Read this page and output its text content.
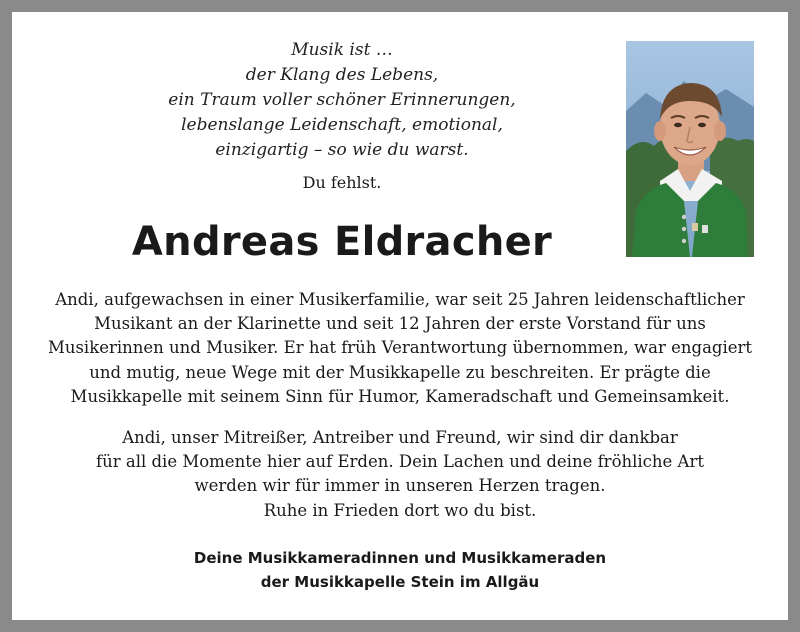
Musik ist …
der Klang des Lebens,
ein Traum voller schöner Erinnerungen,
lebenslange Leidenschaft, emotional,
einzigartig – so wie du warst.
Du fehlst.
Andreas Eldracher
Andi, aufgewachsen in einer Musikerfamilie, war seit 25 Jahren leidenschaftlicher
Musikant an der Klarinette und seit 12 Jahren der erste Vorstand für uns
Musikerinnen und Musiker. Er hat früh Verantwortung übernommen, war engagiert
und mutig, neue Wege mit der Musikkapelle zu beschreiten. Er prägte die
Musikkapelle mit seinem Sinn für Humor, Kameradschaft und Gemeinsamkeit.
Andi, unser Mitreißer, Antreiber und Freund, wir sind dir dankbar
für all die Momente hier auf Erden. Dein Lachen und deine fröhliche Art
werden wir für immer in unseren Herzen tragen.
Ruhe in Frieden dort wo du bist.
Deine Musikkameradinnen und Musikkameraden
der Musikkapelle Stein im Allgäu
